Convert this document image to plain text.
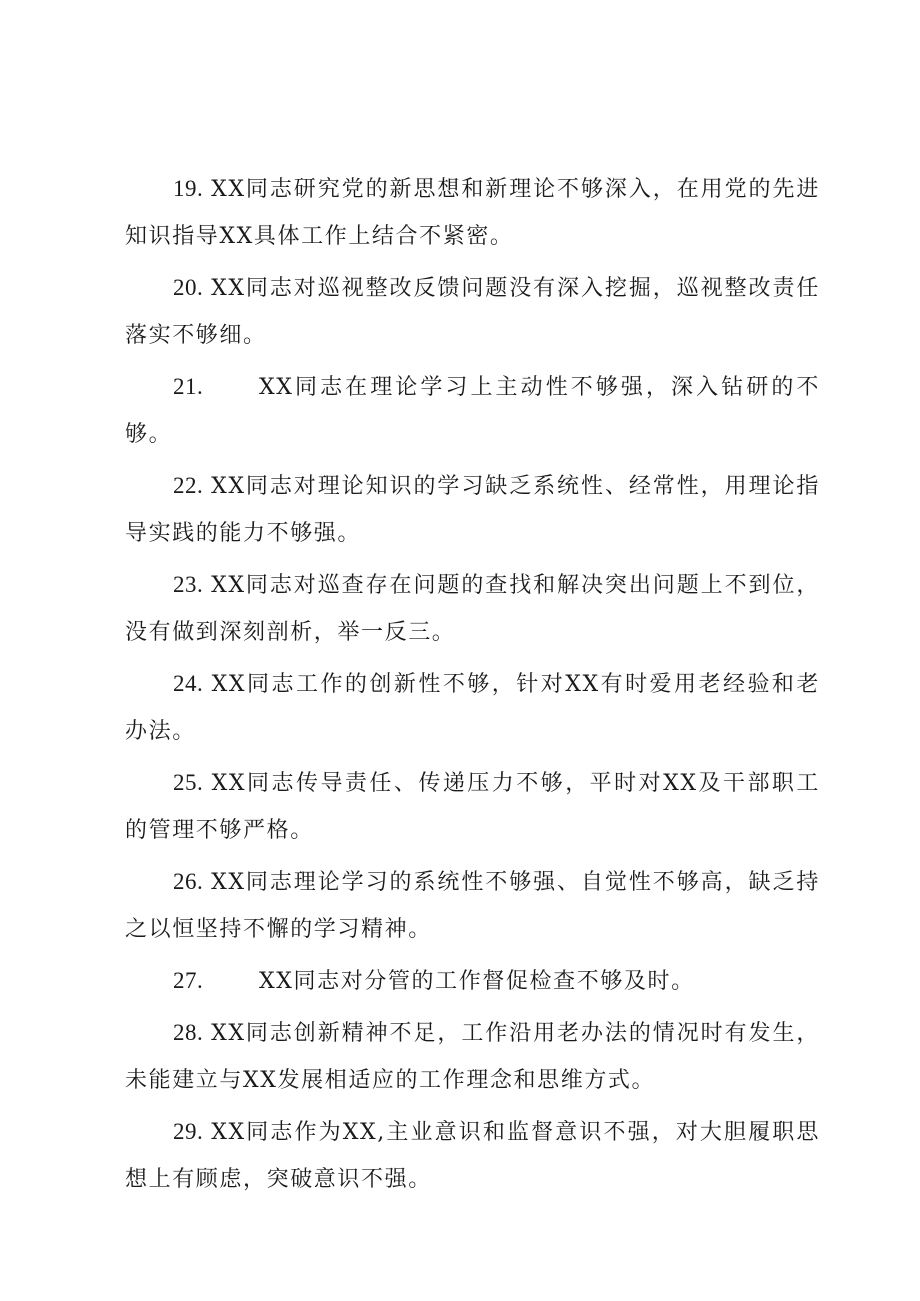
19. XX同志研究党的新思想和新理论不够深入，在用党的先进知识指导XX具体工作上结合不紧密。

20. XX同志对巡视整改反馈问题没有深入挖掘，巡视整改责任落实不够细。

21.	XX同志在理论学习上主动性不够强，深入钻研的不够。

22. XX同志对理论知识的学习缺乏系统性、经常性，用理论指导实践的能力不够强。

23. XX同志对巡查存在问题的查找和解决突出问题上不到位，没有做到深刻剖析，举一反三。

24. XX同志工作的创新性不够，针对XX有时爱用老经验和老办法。

25. XX同志传导责任、传递压力不够，平时对XX及干部职工的管理不够严格。

26. XX同志理论学习的系统性不够强、自觉性不够高，缺乏持之以恒坚持不懈的学习精神。

27.	XX同志对分管的工作督促检查不够及时。

28. XX同志创新精神不足，工作沿用老办法的情况时有发生，未能建立与XX发展相适应的工作理念和思维方式。

29. XX同志作为XX,主业意识和监督意识不强，对大胆履职思想上有顾虑，突破意识不强。
